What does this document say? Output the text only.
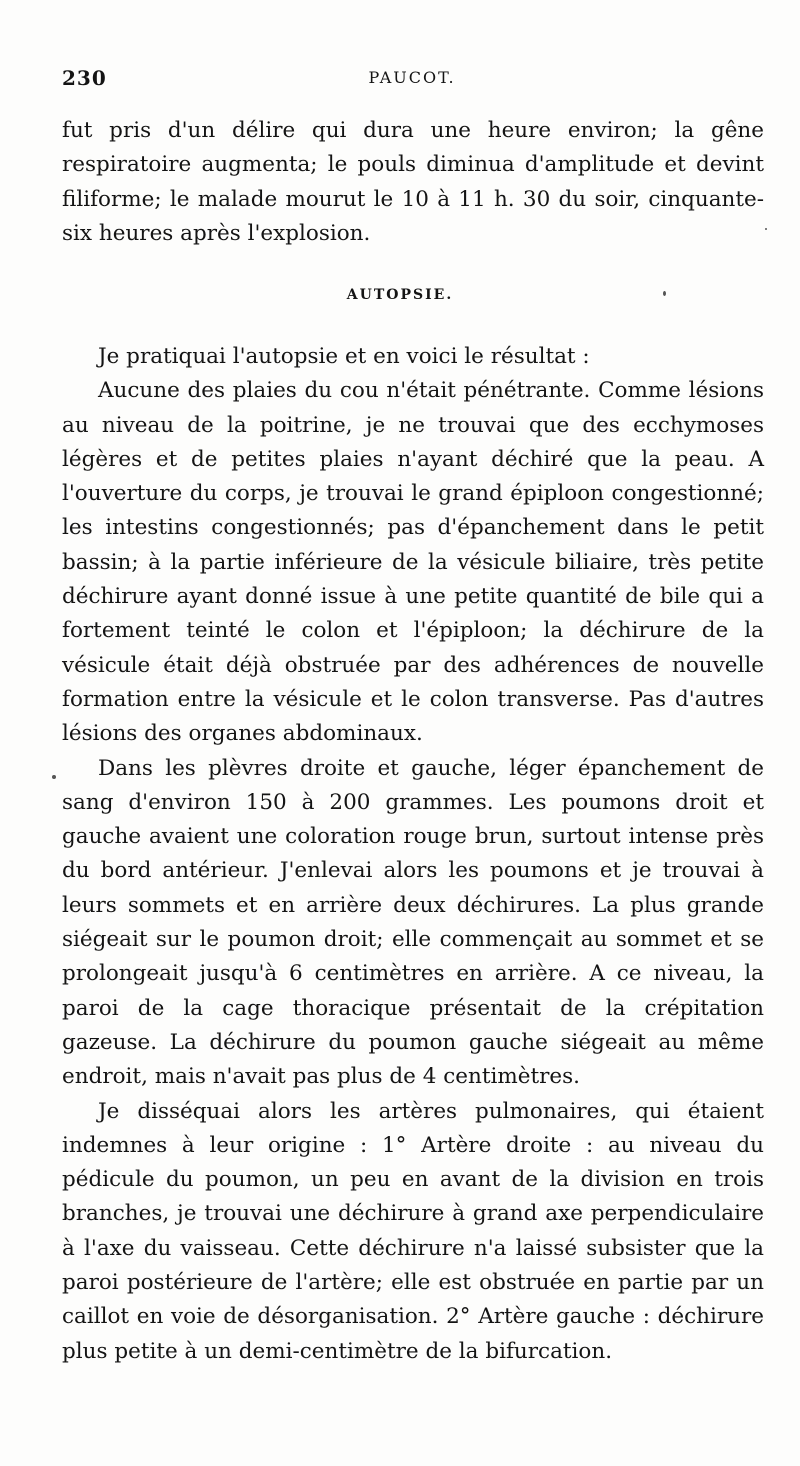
230	PAUCOT.

fut pris d'un délire qui dura une heure environ; la gêne respiratoire augmenta; le pouls diminua d'amplitude et devint filiforme; le malade mourut le 10 à 11 h. 30 du soir, cinquante-six heures après l'explosion.

AUTOPSIE.

Je pratiquai l'autopsie et en voici le résultat :

Aucune des plaies du cou n'était pénétrante. Comme lésions au niveau de la poitrine, je ne trouvai que des ecchymoses légères et de petites plaies n'ayant déchiré que la peau. A l'ouverture du corps, je trouvai le grand épiploon congestionné; les intestins congestionnés; pas d'épanchement dans le petit bassin; à la partie inférieure de la vésicule biliaire, très petite déchirure ayant donné issue à une petite quantité de bile qui a fortement teinté le colon et l'épiploon; la déchirure de la vésicule était déjà obstruée par des adhérences de nouvelle formation entre la vésicule et le colon transverse. Pas d'autres lésions des organes abdominaux.

Dans les plèvres droite et gauche, léger épanchement de sang d'environ 150 à 200 grammes. Les poumons droit et gauche avaient une coloration rouge brun, surtout intense près du bord antérieur. J'enlevai alors les poumons et je trouvai à leurs sommets et en arrière deux déchirures. La plus grande siégeait sur le poumon droit; elle commençait au sommet et se prolongeait jusqu'à 6 centimètres en arrière. A ce niveau, la paroi de la cage thoracique présentait de la crépitation gazeuse. La déchirure du poumon gauche siégeait au même endroit, mais n'avait pas plus de 4 centimètres.

Je disséquai alors les artères pulmonaires, qui étaient indemnes à leur origine : 1° Artère droite : au niveau du pédicule du poumon, un peu en avant de la division en trois branches, je trouvai une déchirure à grand axe perpendiculaire à l'axe du vaisseau. Cette déchirure n'a laissé subsister que la paroi postérieure de l'artère; elle est obstruée en partie par un caillot en voie de désorganisation. 2° Artère gauche : déchirure plus petite à un demi-centimètre de la bifurcation.
